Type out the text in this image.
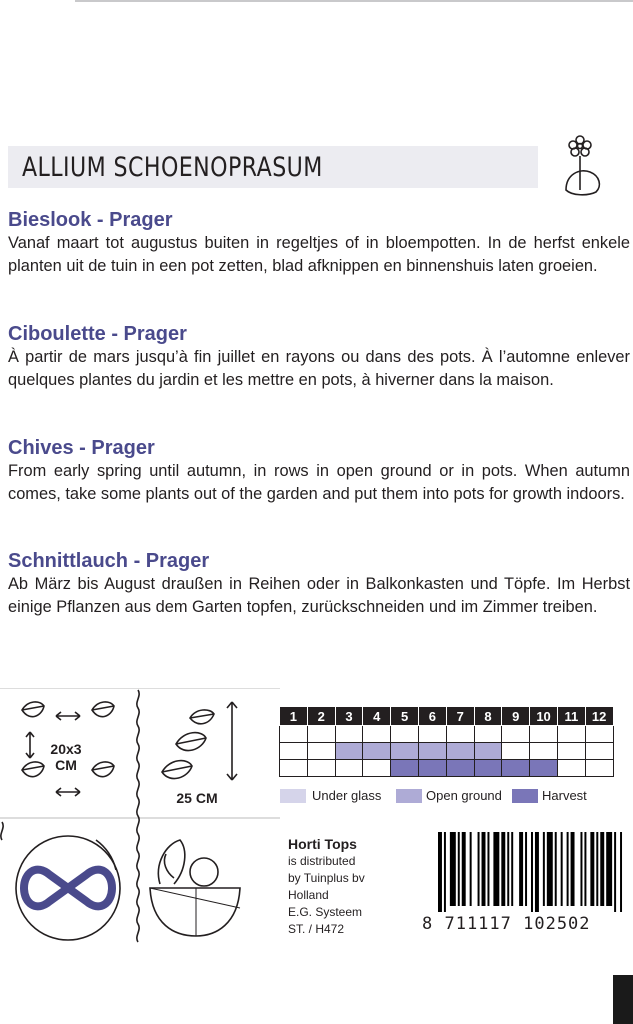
ALLIUM SCHOENOPRASUM
Bieslook - Prager

Vanaf maart tot augustus buiten in regeltjes of in bloempotten. In de herfst enkele planten uit de tuin in een pot zetten, blad afknippen en binnenshuis laten groeien.

Ciboulette - Prager

À partir de mars jusqu’à fin juillet en rayons ou dans des pots. À l’automne enlever quelques plantes du jardin et les mettre en pots, à hiverner dans la maison.

Chives - Prager

From early spring until autumn, in rows in open ground or in pots. When autumn comes, take some plants out of the garden and put them into pots for growth indoors.

Schnittlauch - Prager

Ab März bis August draußen in Reihen oder in Balkonkasten und Töpfe. Im Herbst einige Pflanzen aus dem Garten topfen, zurückschneiden und im Zimmer treiben.

20x3
CM
25 CM
1	2	3	4	5	6	7	8	9	10	11	12

Under glass	Open ground	Harvest
Horti Tops
is distributed
by Tuinplus bv
Holland
E.G. Systeem
ST. / H472	8 711117 102502
